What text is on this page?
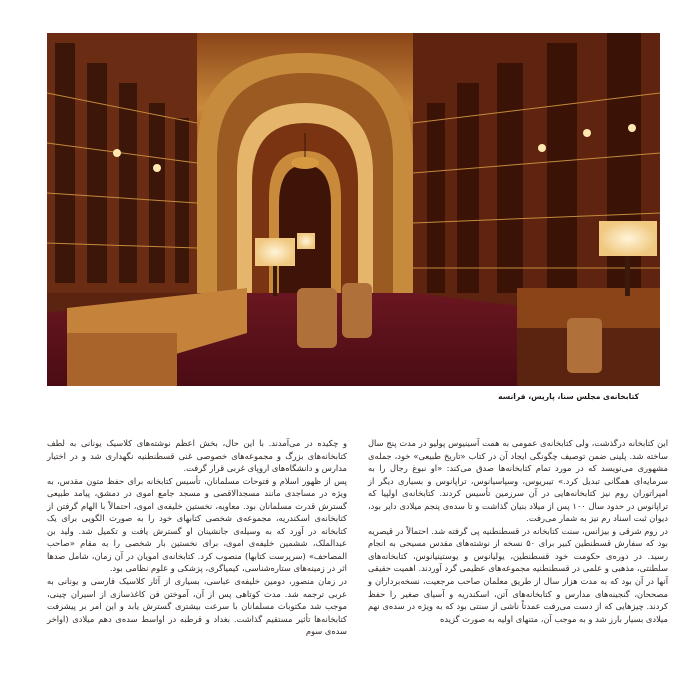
کتابخانه‌ی مجلس سنا، پاریس، فرانسه

این کتابخانه درگذشت، ولی کتابخانه‌ی عمومی به همت آسینیوس پولیو در مدت پنج سال ساخته شد. پلینی ضمن توصیف چگونگی ایجاد آن در کتاب «تاریخ طبیعی» خود، جمله‌ی مشهوری می‌نویسد که در مورد تمام کتابخانه‌ها صدق می‌کند: «او نبوغ رجال را به سرمایه‌ای همگانی تبدیل کرد.» تیبریوس، وسپاسیانوس، تراپانوس و بسیاری دیگر از امپراتوران روم نیز کتابخانه‌هایی در آن سرزمین تأسیس کردند. کتابخانه‌ی اولپیا که تراپانوس در حدود سال ۱۰۰ پس از میلاد بنیان گذاشت و تا سده‌ی پنجم میلادی دایر بود، دیوان ثبت اسناد رم نیز به شمار می‌رفت.

در روم شرقی و بیزانس، سنت کتابخانه در قسطنطنیه پی گرفته شد. احتمالاً در قیصریه بود که سفارش قسطنطین کبیر برای ۵۰ نسخه از نوشته‌های مقدس مسیحی به انجام رسید. در دوره‌ی حکومت خود قسطنطین، یولیانوس و یوستینیانوس، کتابخانه‌های سلطنتی، مذهبی و علمی در قسطنطنیه مجموعه‌های عظیمی گرد آوردند. اهمیت حقیقی آنها در آن بود که به مدت هزار سال از طریق معلمان صاحب مرجعیت، نسخه‌برداران و مصححان، گنجینه‌های مدارس و کتابخانه‌های آتن، اسکندریه و آسیای صغیر را حفظ کردند. چیزهایی که از دست می‌رفت عمدتاً ناشی از سنتی بود که به ویژه در سده‌ی نهم میلادی بسیار بارز شد و به موجب آن، متنهای اولیه به صورت گزیده

و چکیده در می‌آمدند. با این حال، بخش اعظم نوشته‌های کلاسیک یونانی به لطف کتابخانه‌های بزرگ و مجموعه‌های خصوصی غنی قسطنطنیه نگهداری شد و در اختیار مدارس و دانشگاه‌های اروپای غربی قرار گرفت.

پس از ظهور اسلام و فتوحات مسلمانان، تأسیس کتابخانه برای حفظ متون مقدس، به ویژه در مساجدی مانند مسجدالاقصی و مسجد جامع اموی در دمشق، پیامد طبیعی گسترش قدرت مسلمانان بود. معاویه، نخستین خلیفه‌ی اموی، احتمالاً با الهام گرفتن از کتابخانه‌ی اسکندریه، مجموعه‌ی شخصی کتابهای خود را به صورت الگویی برای یک کتابخانه در آورد که به وسیله‌ی جانشینان او گسترش یافت و تکمیل شد. ولید بن عبدالملک، ششمین خلیفه‌ی اموی، برای نخستین بار شخصی را به مقام «صاحب المصاحف» (سرپرست کتابها) منصوب کرد. کتابخانه‌ی امویان در آن زمان، شامل صدها اثر در زمینه‌های ستاره‌شناسی، کیمیاگری، پزشکی و علوم نظامی بود.

در زمان منصور، دومین خلیفه‌ی عباسی، بسیاری از آثار کلاسیک فارسی و یونانی به عربی ترجمه شد. مدت کوتاهی پس از آن، آموختن فن کاغذسازی از اسیران چینی، موجب شد مکتوبات مسلمانان با سرعت بیشتری گسترش یابد و این امر بر پیشرفت کتابخانه‌ها تأثیر مستقیم گذاشت. بغداد و قرطبه در اواسط سده‌ی دهم میلادی (اواخر سده‌ی سوم
